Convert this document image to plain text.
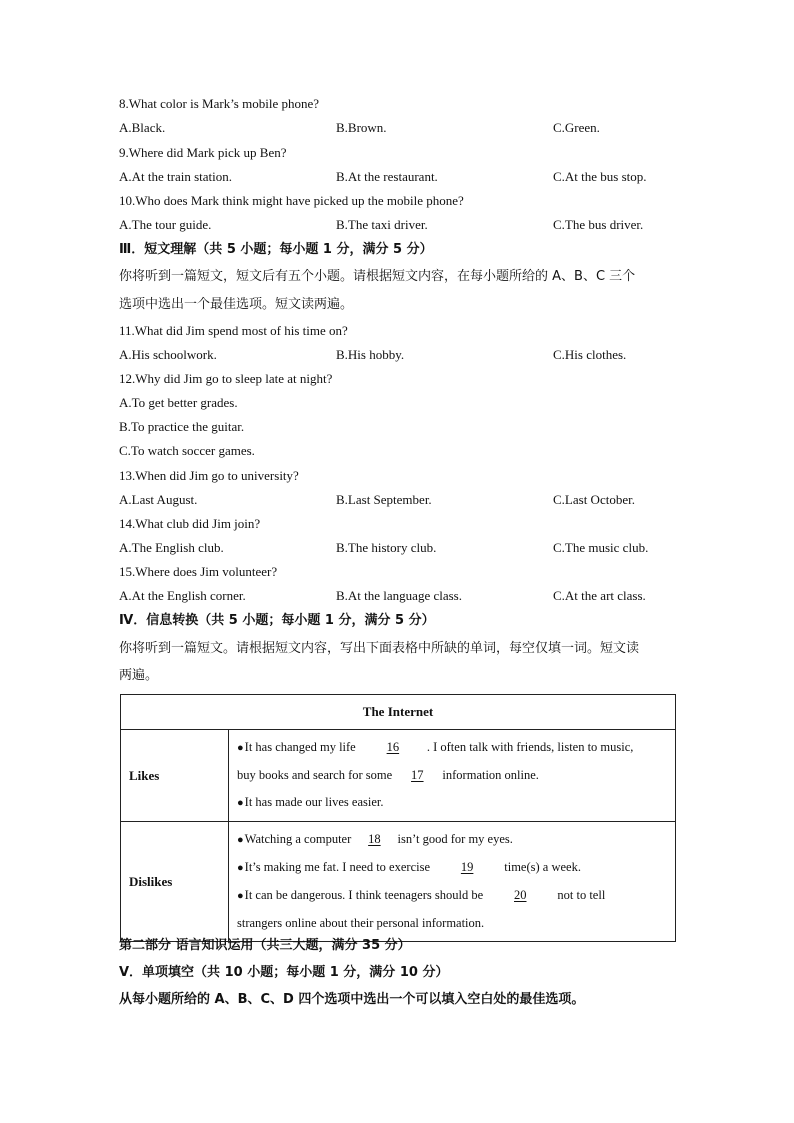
8.What color is Mark’s mobile phone?
A.Black.	B.Brown.	C.Green.
9.Where did Mark pick up Ben?
A.At the train station.	B.At the restaurant.	C.At the bus stop.
10.Who does Mark think might have picked up the mobile phone?
A.The tour guide.	B.The taxi driver.	C.The bus driver.
Ⅲ．短文理解（共 5 小题；每小题 1 分，满分 5 分）
你将听到一篇短文，短文后有五个小题。请根据短文内容，在每小题所给的 A、B、C 三个
选项中选出一个最佳选项。短文读两遍。
11.What did Jim spend most of his time on?
A.His schoolwork.	B.His hobby.	C.His clothes.
12.Why did Jim go to sleep late at night?
A.To get better grades.
B.To practice the guitar.
C.To watch soccer games.
13.When did Jim go to university?
A.Last August.	B.Last September.	C.Last October.
14.What club did Jim join?
A.The English club.	B.The history club.	C.The music club.
15.Where does Jim volunteer?
A.At the English corner.	B.At the language class.	C.At the art class.
Ⅳ．信息转换（共 5 小题；每小题 1 分，满分 5 分）
你将听到一篇短文。请根据短文内容，写出下面表格中所缺的单词，每空仅填一词。短文读
两遍。
The Internet	
Likes	●It has changed my life 16 . I often talk with friends, listen to music,
buy books and search for some 17 information online.
●It has made our lives easier.

Dislikes	●Watching a computer 18 isn’t good for my eyes.
●It’s making me fat. I need to exercise 19 time(s) a week.
●It can be dangerous. I think teenagers should be 20 not to tell
strangers online about their personal information.
第二部分 语言知识运用（共三大题，满分 35 分）
V．单项填空（共 10 小题；每小题 1 分，满分 10 分）
从每小题所给的 A、B、C、D 四个选项中选出一个可以填入空白处的最佳选项。
